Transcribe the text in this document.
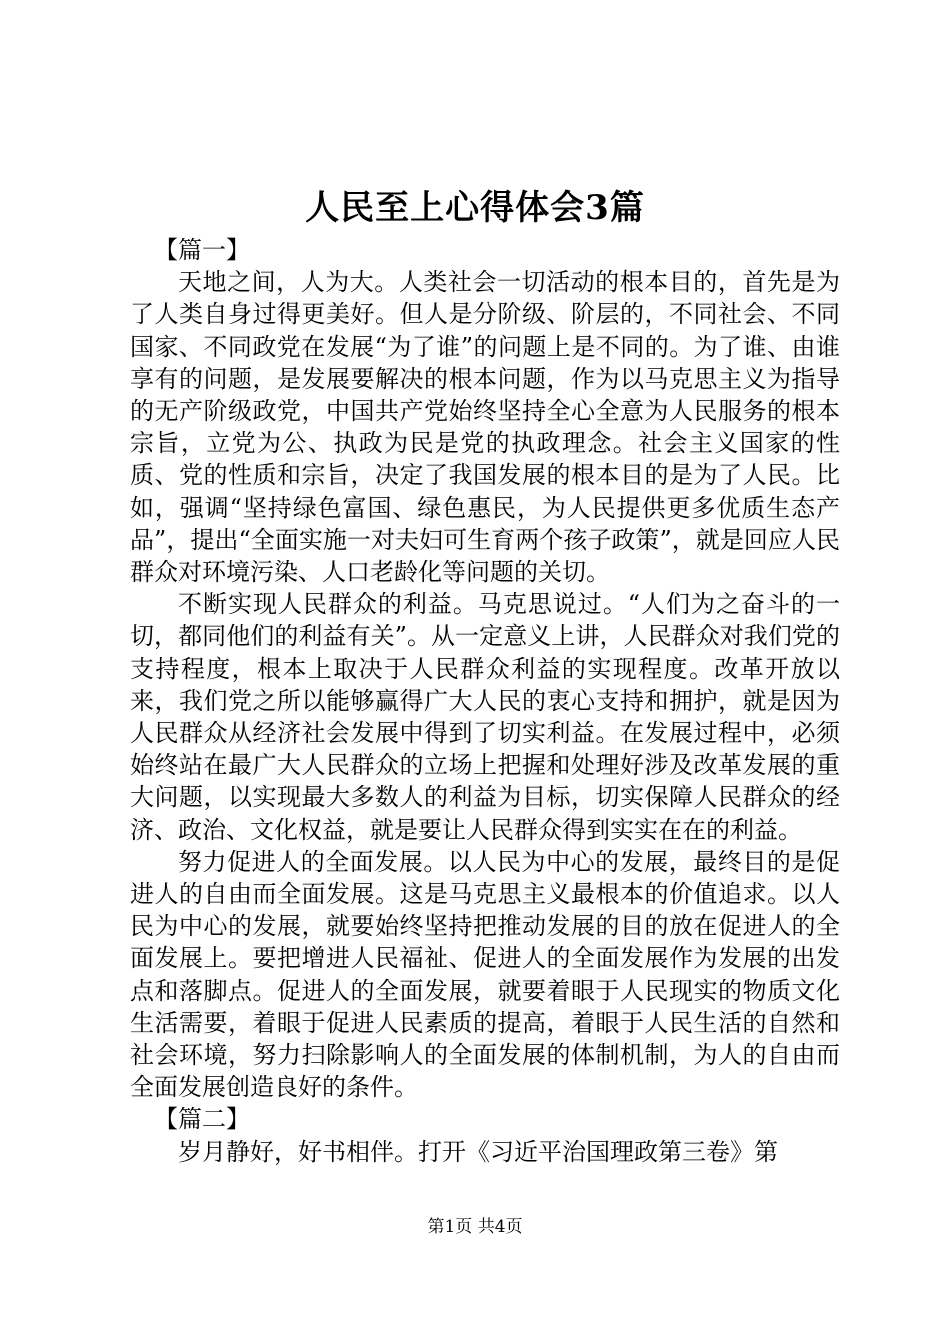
人民至上心得体会3篇

【篇一】

天地之间，人为大。人类社会一切活动的根本目的，首先是为了人类自身过得更美好。但人是分阶级、阶层的，不同社会、不同国家、不同政党在发展“为了谁”的问题上是不同的。为了谁、由谁享有的问题，是发展要解决的根本问题，作为以马克思主义为指导的无产阶级政党，中国共产党始终坚持全心全意为人民服务的根本宗旨，立党为公、执政为民是党的执政理念。社会主义国家的性质、党的性质和宗旨，决定了我国发展的根本目的是为了人民。比如，强调“坚持绿色富国、绿色惠民，为人民提供更多优质生态产品”，提出“全面实施一对夫妇可生育两个孩子政策”，就是回应人民群众对环境污染、人口老龄化等问题的关切。

不断实现人民群众的利益。马克思说过。“人们为之奋斗的一切，都同他们的利益有关”。从一定意义上讲，人民群众对我们党的支持程度，根本上取决于人民群众利益的实现程度。改革开放以来，我们党之所以能够赢得广大人民的衷心支持和拥护，就是因为人民群众从经济社会发展中得到了切实利益。在发展过程中，必须始终站在最广大人民群众的立场上把握和处理好涉及改革发展的重大问题，以实现最大多数人的利益为目标，切实保障人民群众的经济、政治、文化权益，就是要让人民群众得到实实在在的利益。

努力促进人的全面发展。以人民为中心的发展，最终目的是促进人的自由而全面发展。这是马克思主义最根本的价值追求。以人民为中心的发展，就要始终坚持把推动发展的目的放在促进人的全面发展上。要把增进人民福祉、促进人的全面发展作为发展的出发点和落脚点。促进人的全面发展，就要着眼于人民现实的物质文化生活需要，着眼于促进人民素质的提高，着眼于人民生活的自然和社会环境，努力扫除影响人的全面发展的体制机制，为人的自由而全面发展创造良好的条件。

【篇二】

岁月静好，好书相伴。打开《习近平治国理政第三卷》第

第1页 共4页
